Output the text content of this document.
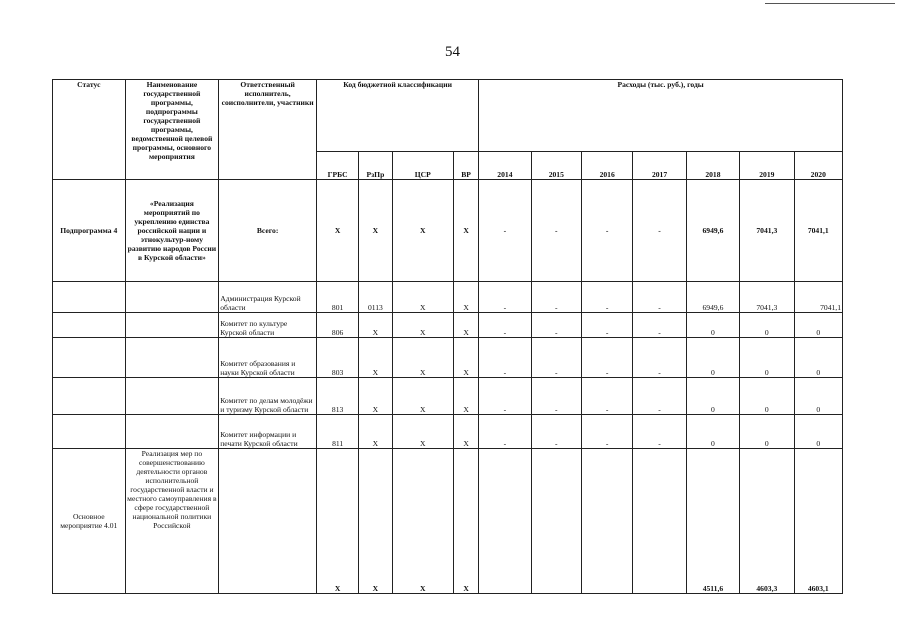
54
Статус	Наименование государственной программы, подпрограммы государственной программы, ведомственной целевой программы, основного мероприятия	Ответственный исполнитель, соисполнители, участники	Код бюджетной классификации				Расходы (тыс. руб.), годы						
			ГРБС	РзПр	ЦСР	ВР	2014	2015	2016	2017	2018	2019	2020
Подпрограмма 4	«Реализация мероприятий по укреплению единства российской нации и этнокультур-ному развитию народов России в Курской области»	Всего:	Х	Х	Х	Х	-	-	-	-	6949,6	7041,3	7041,1
		Администрация Курской области	801	0113	Х	Х	-	-	-	-	6949,6	7041,3	7041,1
		Комитет по культуре Курской области	806	Х	Х	Х	-	-	-	-	0	0	0
		Комитет образования и науки Курской области	803	Х	Х	Х	-	-	-	-	0	0	0
		Комитет по делам молодёжи и туризму Курской области	813	Х	Х	Х	-	-	-	-	0	0	0
		Комитет информации и печати Курской области	811	Х	Х	Х	-	-	-	-	0	0	0
Основное мероприятие 4.01	Реализация мер по совершенствованию деятельности органов исполнительной государственной власти и местного самоуправления в сфере государственной национальной политики Российской		Х	Х	Х	Х					4511,6	4603,3	4603,1
